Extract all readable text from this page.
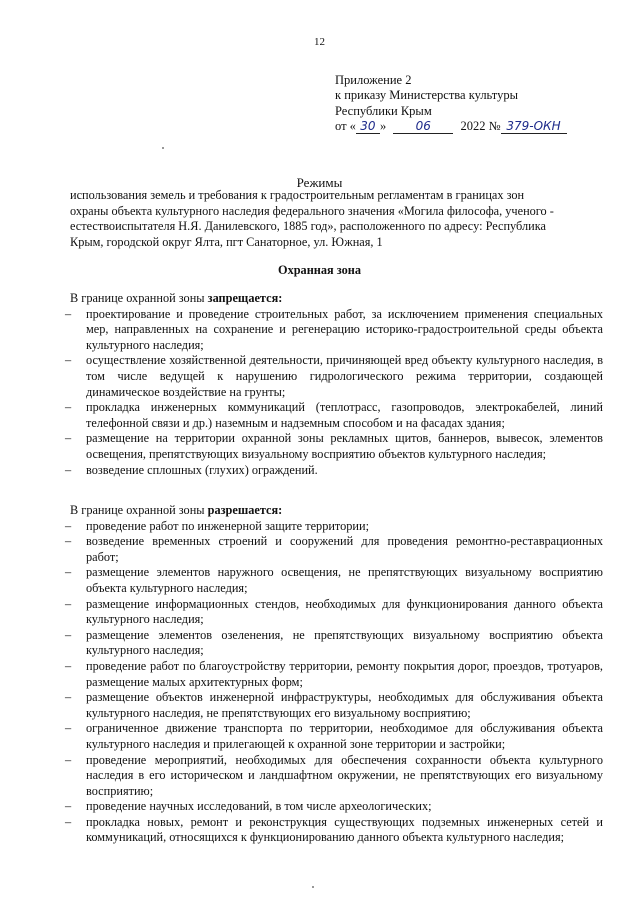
12
Приложение 2
к приказу Министерства культуры
Республики Крым
от « 30 » 06 2022 № 379-ОКН
Режимы
использования земель и требования к градостроительным регламентам в границах зон
охраны объекта культурного наследия федерального значения «Могила философа, ученого -
естествоиспытателя Н.Я. Данилевского, 1885 год», расположенного по адресу: Республика
Крым, городской округ Ялта, пгт Санаторное, ул. Южная, 1
Охранная зона
В границе охранной зоны запрещается:
– проектирование и проведение строительных работ, за исключением применения специальных мер, направленных на сохранение и регенерацию историко-градостроительной среды объекта культурного наследия;
– осуществление хозяйственной деятельности, причиняющей вред объекту культурного наследия, в том числе ведущей к нарушению гидрологического режима территории, создающей динамическое воздействие на грунты;
– прокладка инженерных коммуникаций (теплотрасс, газопроводов, электрокабелей, линий телефонной связи и др.) наземным и надземным способом и на фасадах здания;
– размещение на территории охранной зоны рекламных щитов, баннеров, вывесок, элементов освещения, препятствующих визуальному восприятию объектов культурного наследия;
– возведение сплошных (глухих) ограждений.
В границе охранной зоны разрешается:
– проведение работ по инженерной защите территории;
– возведение временных строений и сооружений для проведения ремонтно-реставрационных работ;
– размещение элементов наружного освещения, не препятствующих визуальному восприятию объекта культурного наследия;
– размещение информационных стендов, необходимых для функционирования данного объекта культурного наследия;
– размещение элементов озеленения, не препятствующих визуальному восприятию объекта культурного наследия;
– проведение работ по благоустройству территории, ремонту покрытия дорог, проездов, тротуаров, размещение малых архитектурных форм;
– размещение объектов инженерной инфраструктуры, необходимых для обслуживания объекта культурного наследия, не препятствующих его визуальному восприятию;
– ограниченное движение транспорта по территории, необходимое для обслуживания объекта культурного наследия и прилегающей к охранной зоне территории и застройки;
– проведение мероприятий, необходимых для обеспечения сохранности объекта культурного наследия в его историческом и ландшафтном окружении, не препятствующих его визуальному восприятию;
– проведение научных исследований, в том числе археологических;
– прокладка новых, ремонт и реконструкция существующих подземных инженерных сетей и коммуникаций, относящихся к функционированию данного объекта культурного наследия;
